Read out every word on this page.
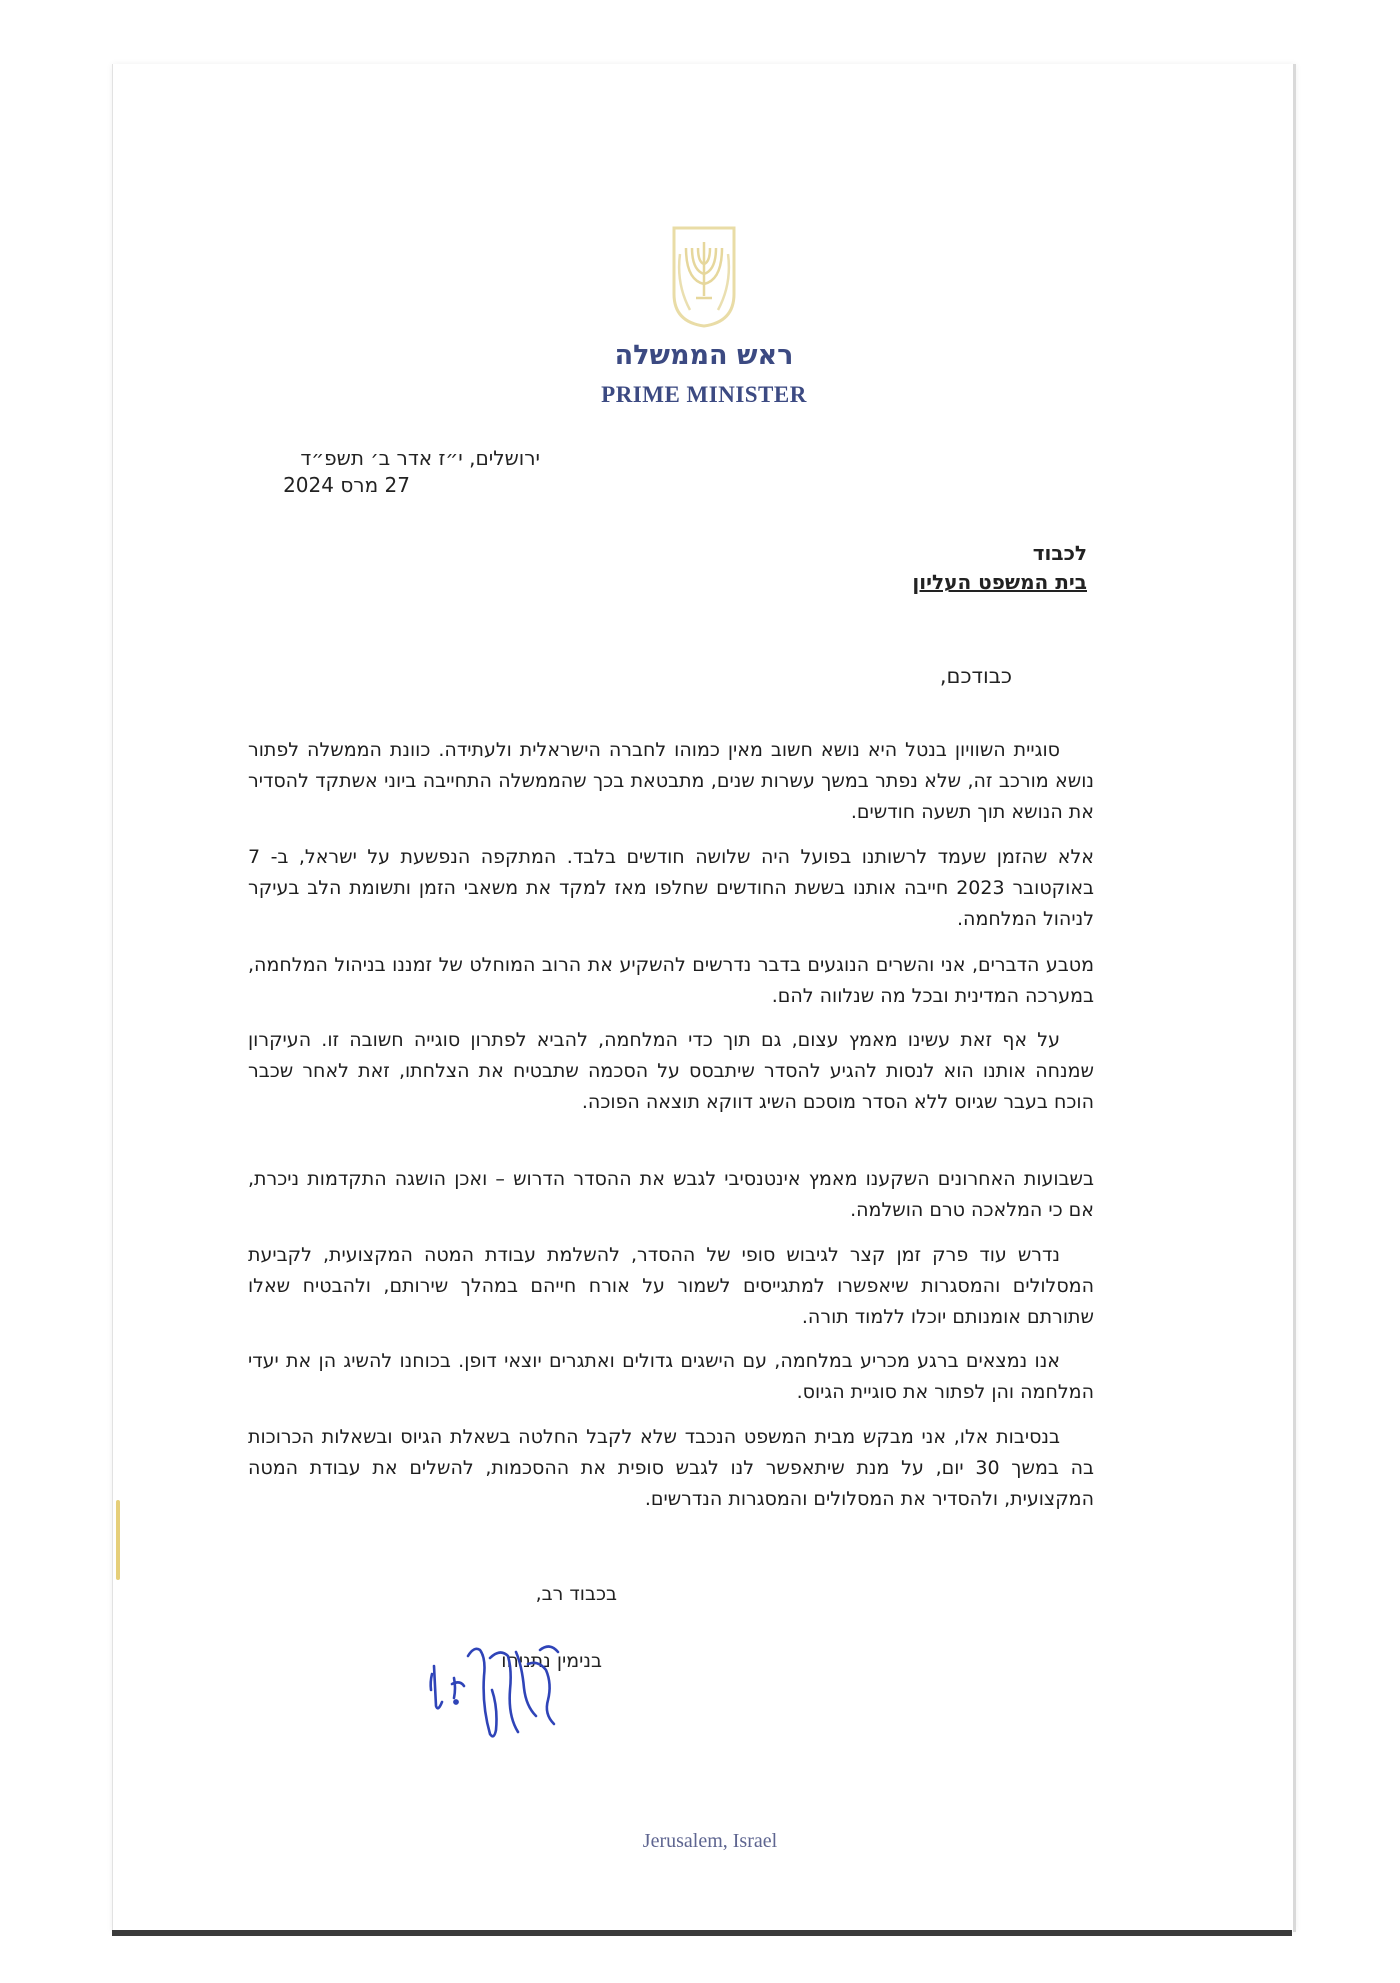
ראש הממשלה
PRIME MINISTER
ירושלים, י״ז אדר ב׳ תשפ״ד
27 מרס 2024
לכבוד
בית המשפט העליון
כבודכם,
סוגיית השוויון בנטל היא נושא חשוב מאין כמוהו לחברה הישראלית ולעתידה. כוונת הממשלה לפתור נושא מורכב זה, שלא נפתר במשך עשרות שנים, מתבטאת בכך שהממשלה התחייבה ביוני אשתקד להסדיר את הנושא תוך תשעה חודשים.
אלא שהזמן שעמד לרשותנו בפועל היה שלושה חודשים בלבד. המתקפה הנפשעת על ישראל, ב- 7 באוקטובר 2023 חייבה אותנו בששת החודשים שחלפו מאז למקד את משאבי הזמן ותשומת הלב בעיקר לניהול המלחמה.
מטבע הדברים, אני והשרים הנוגעים בדבר נדרשים להשקיע את הרוב המוחלט של זמננו בניהול המלחמה, במערכה המדינית ובכל מה שנלווה להם.
על אף זאת עשינו מאמץ עצום, גם תוך כדי המלחמה, להביא לפתרון סוגייה חשובה זו. העיקרון שמנחה אותנו הוא לנסות להגיע להסדר שיתבסס על הסכמה שתבטיח את הצלחתו, זאת לאחר שכבר הוכח בעבר שגיוס ללא הסדר מוסכם השיג דווקא תוצאה הפוכה.
בשבועות האחרונים השקענו מאמץ אינטנסיבי לגבש את ההסדר הדרוש – ואכן הושגה התקדמות ניכרת, אם כי המלאכה טרם הושלמה.
נדרש עוד פרק זמן קצר לגיבוש סופי של ההסדר, להשלמת עבודת המטה המקצועית, לקביעת המסלולים והמסגרות שיאפשרו למתגייסים לשמור על אורח חייהם במהלך שירותם, ולהבטיח שאלו שתורתם אומנותם יוכלו ללמוד תורה.
אנו נמצאים ברגע מכריע במלחמה, עם הישגים גדולים ואתגרים יוצאי דופן. בכוחנו להשיג הן את יעדי המלחמה והן לפתור את סוגיית הגיוס.
בנסיבות אלו, אני מבקש מבית המשפט הנכבד שלא לקבל החלטה בשאלת הגיוס ובשאלות הכרוכות בה במשך 30 יום, על מנת שיתאפשר לנו לגבש סופית את ההסכמות, להשלים את עבודת המטה המקצועית, ולהסדיר את המסלולים והמסגרות הנדרשים.
בכבוד רב,
בנימין נתניהו
Jerusalem, Israel
